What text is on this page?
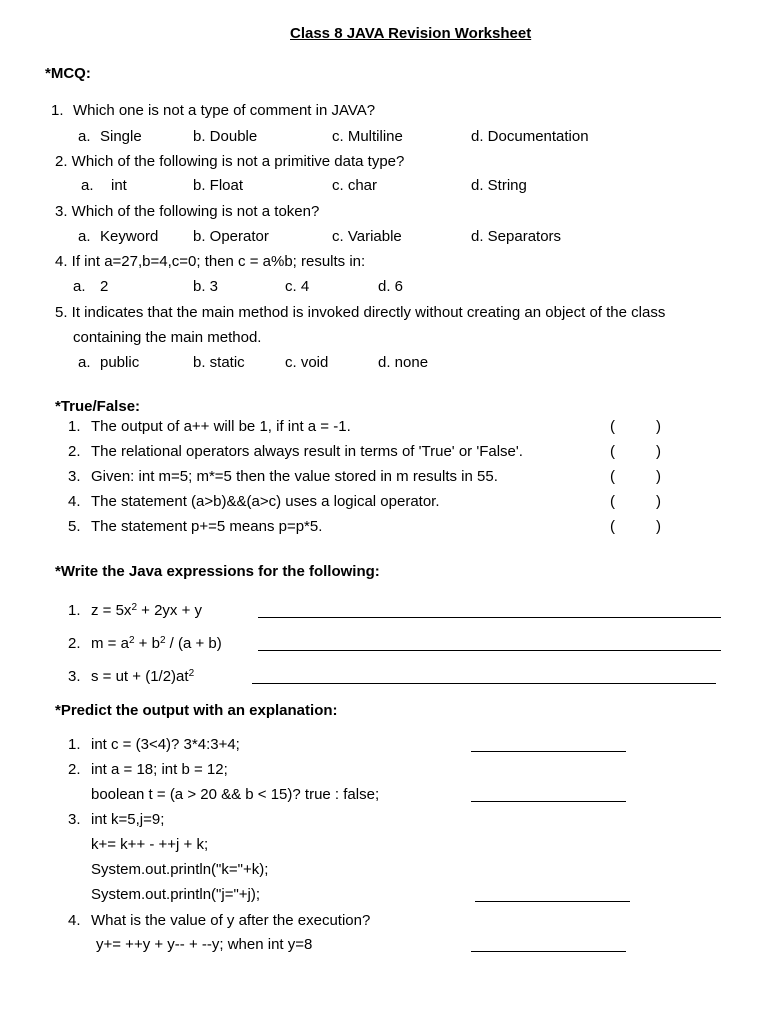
Class 8 JAVA Revision Worksheet
*MCQ:
1. Which one is not a type of comment in JAVA?
a. Single	b. Double	c. Multiline	d. Documentation
2. Which of the following is not a primitive data type?
a. int	b. Float	c. char	d. String
3. Which of the following is not a token?
a. Keyword b. Operator	c. Variable	d. Separators
4. If int a=27,b=4,c=0; then c = a%b; results in:
a. 2	b. 3	c. 4	d. 6
5. It indicates that the main method is invoked directly without creating an object of the class
containing the main method.
a. public	b. static	c. void	d. none
*True/False:
1. The output of a++ will be 1, if int a = -1.	(	)
2. The relational operators always result in terms of 'True' or 'False'.	(	)
3. Given: int m=5; m*=5 then the value stored in m results in 55.	(	)
4. The statement (a>b)&&(a>c) uses a logical operator.	(	)
5. The statement p+=5 means p=p*5.	(	)
*Write the Java expressions for the following:
1. $z = 5x^2 + 2yx + y$
2. $m = a^2 + b^2 / (a + b)$
3. s = ut + $(1/2)at^2$
*Predict the output with an explanation:
1. int c = (3<4)? 3*4:3+4;
2. int a = 18; int b = 12;
boolean t = (a > 20 && b < 15)? true : false;
3. int k=5,j=9;
k+= k++ - ++j + k;
System.out.println("k="+k);
System.out.println("j="+j);
4. What is the value of y after the execution?
y+= ++y + y-- + --y; when int y=8
